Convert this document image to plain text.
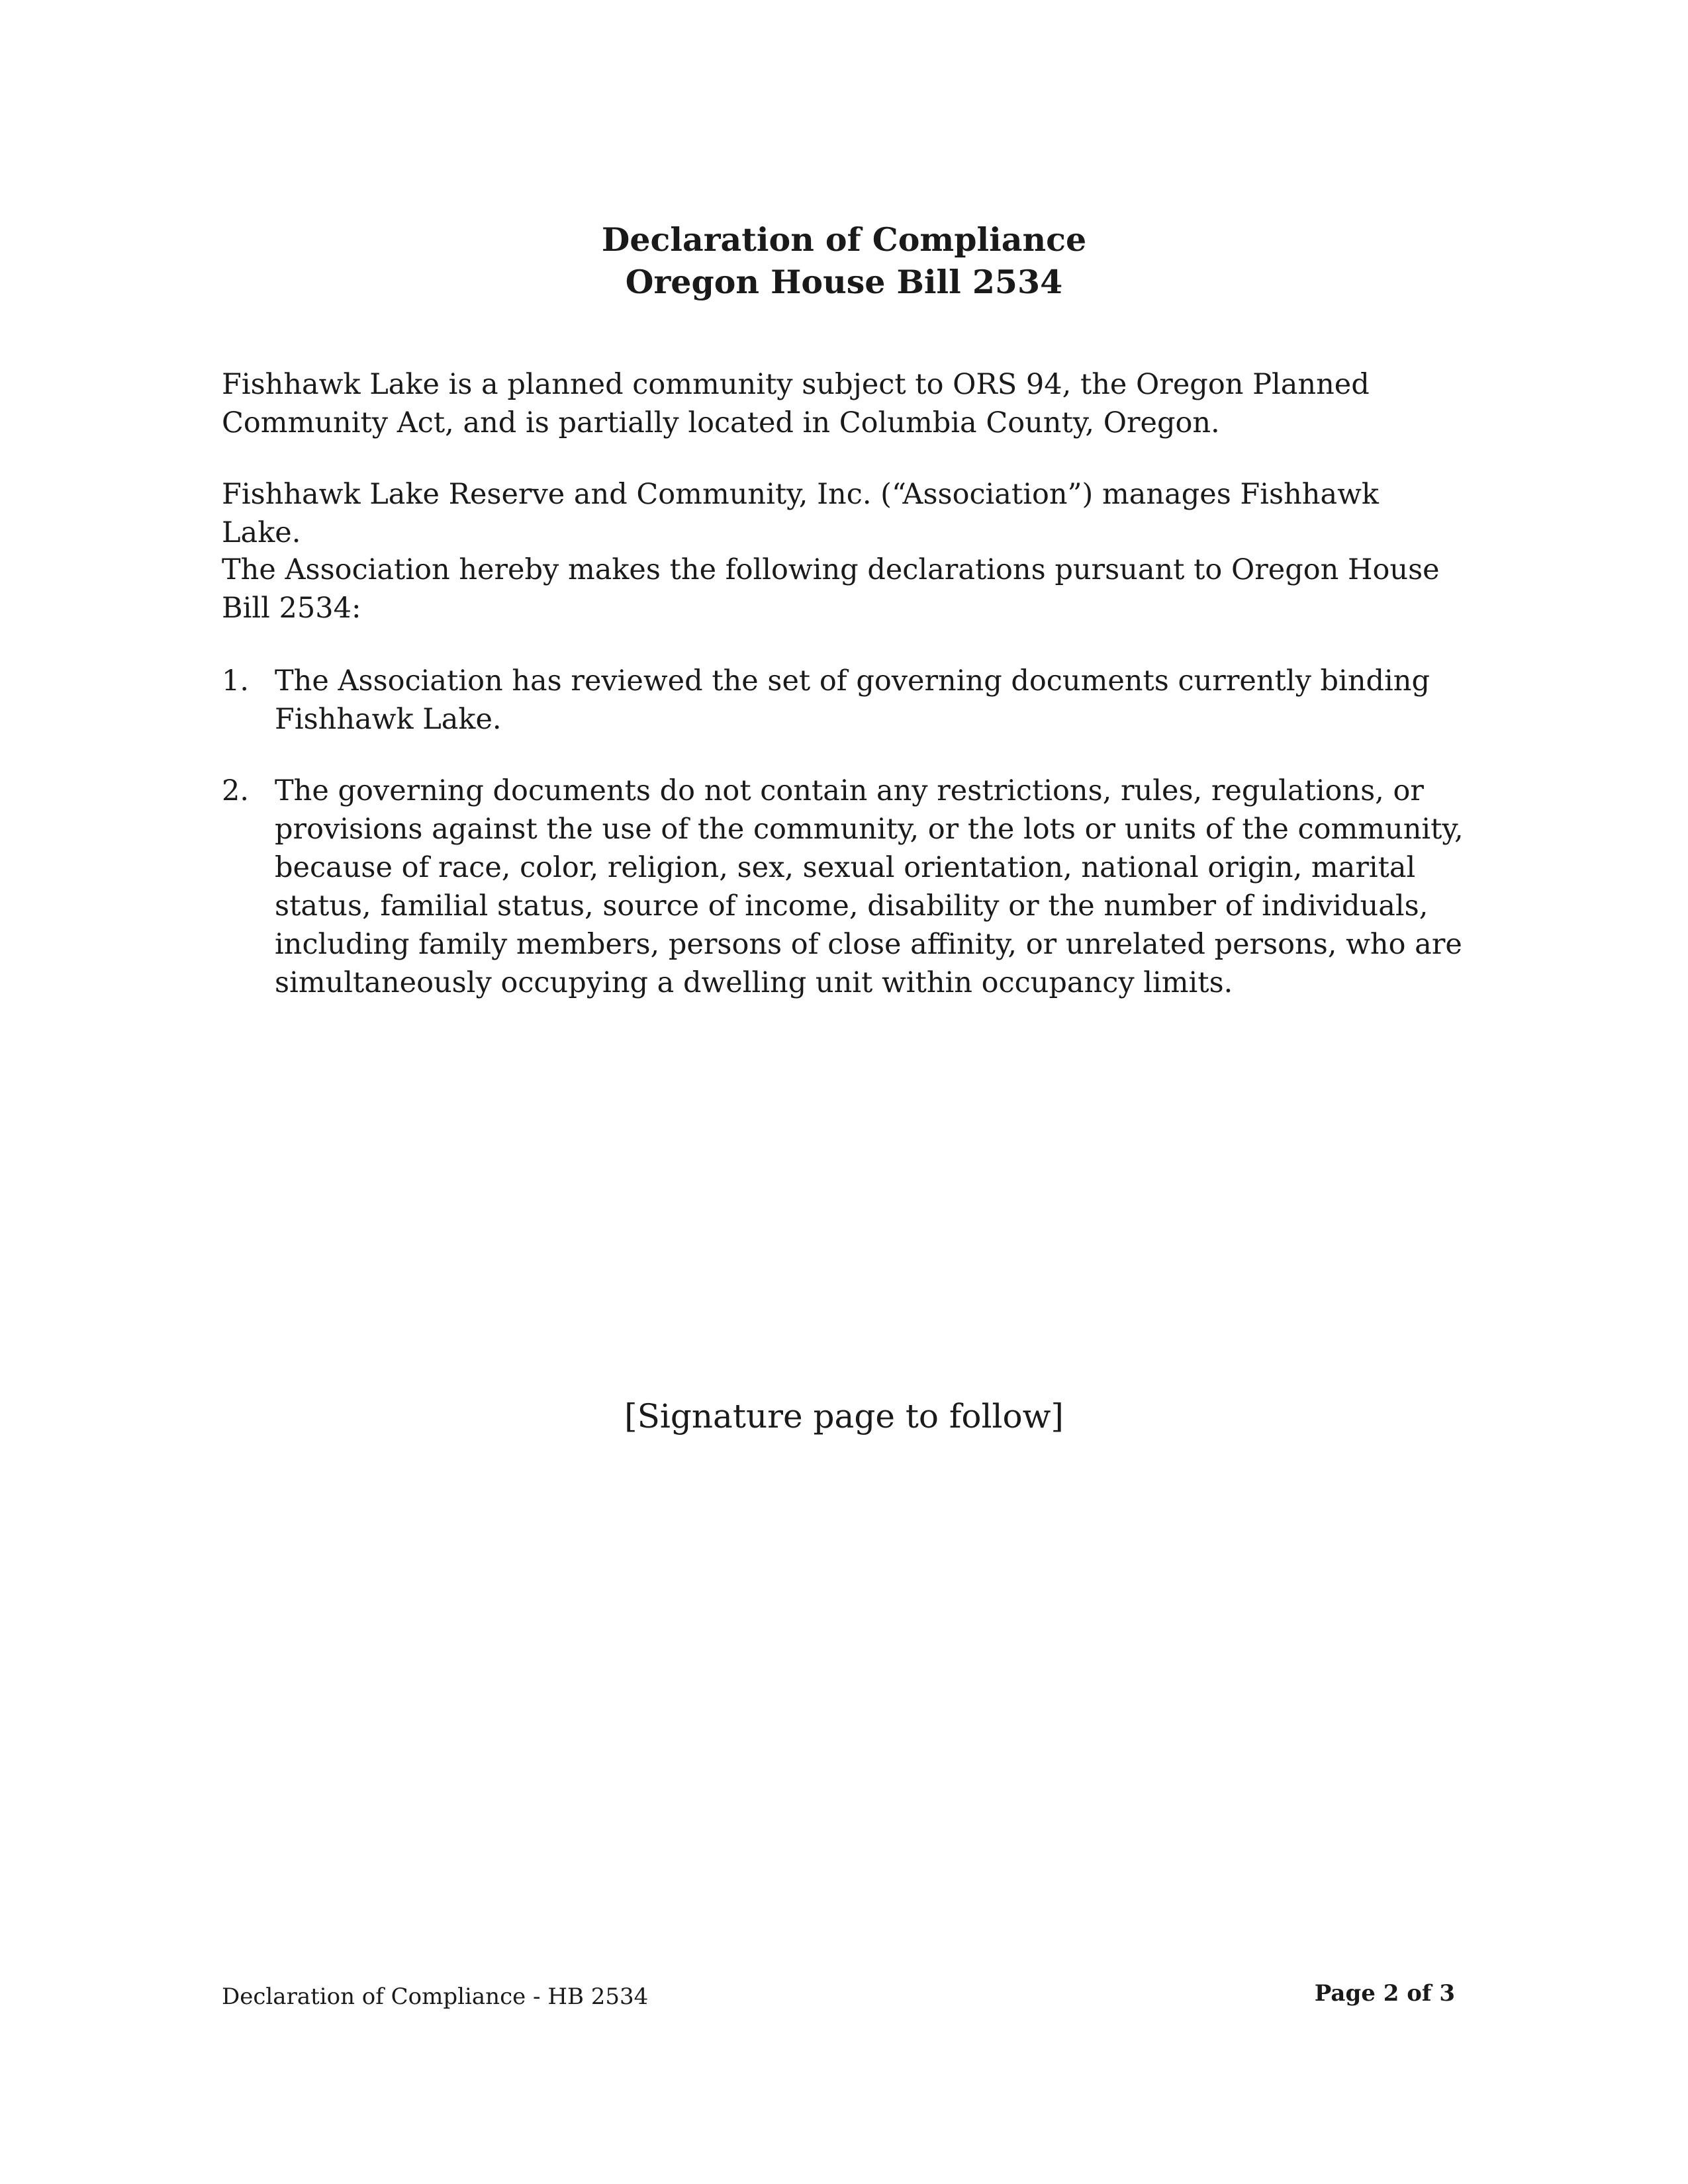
Declaration of Compliance
Oregon House Bill 2534

Fishhawk Lake is a planned community subject to ORS 94, the Oregon Planned Community Act, and is partially located in Columbia County, Oregon.

Fishhawk Lake Reserve and Community, Inc. (“Association”) manages Fishhawk Lake.

The Association hereby makes the following declarations pursuant to Oregon House Bill 2534:

1. The Association has reviewed the set of governing documents currently binding Fishhawk Lake.
2. The governing documents do not contain any restrictions, rules, regulations, or provisions against the use of the community, or the lots or units of the community, because of race, color, religion, sex, sexual orientation, national origin, marital status, familial status, source of income, disability or the number of individuals, including family members, persons of close affinity, or unrelated persons, who are simultaneously occupying a dwelling unit within occupancy limits.
[Signature page to follow]
Declaration of Compliance - HB 2534	Page 2 of 3
